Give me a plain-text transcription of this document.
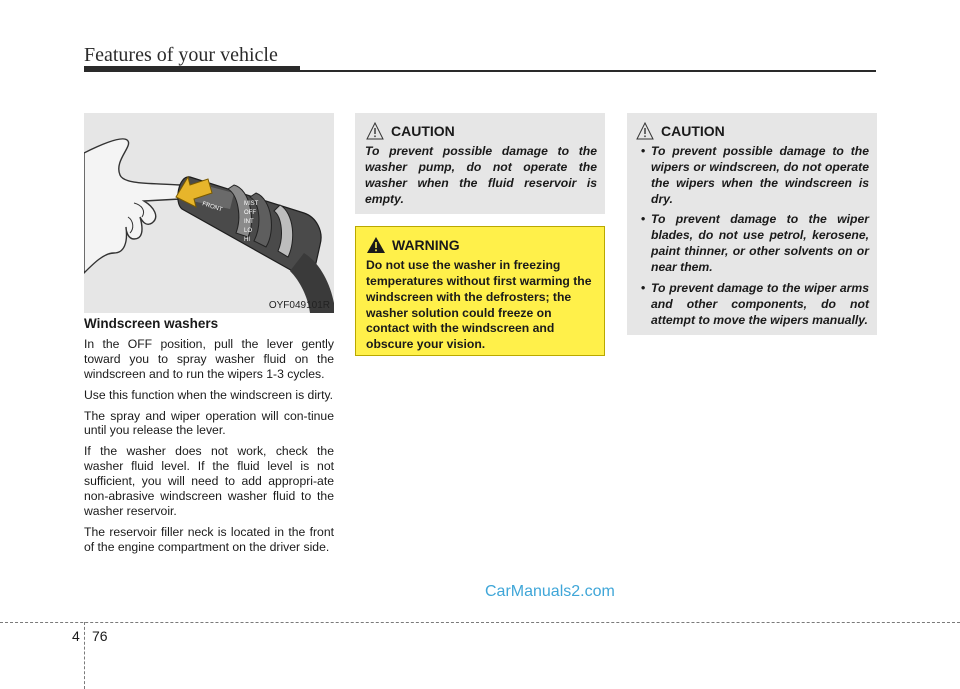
Features of your vehicle
FRONT	MIST
OFF
INT
LO
HI
OYF049101R
Windscreen washers

In the OFF position, pull the lever gently toward you to spray washer fluid on the windscreen and to run the wipers 1-3 cycles.

Use this function when the windscreen is dirty.

The spray and wiper operation will con-tinue until you release the lever.

If the washer does not work, check the washer fluid level. If the fluid level is not sufficient, you will need to add appropri-ate non-abrasive windscreen washer fluid to the washer reservoir.

The reservoir filler neck is located in the front of the engine compartment on the driver side.

CAUTION

To prevent possible damage to the washer pump, do not operate the washer when the fluid reservoir is empty.

WARNING

Do not use the washer in freezing temperatures without first warming the windscreen with the defrosters; the washer solution could freeze on contact with the windscreen and obscure your vision.

CAUTION
• To prevent possible damage to the wipers or windscreen, do not operate the wipers when the windscreen is dry.
• To prevent damage to the wiper blades, do not use petrol, kerosene, paint thinner, or other solvents on or near them.
• To prevent damage to the wiper arms and other components, do not attempt to move the wipers manually.
CarManuals2.com
4 76
